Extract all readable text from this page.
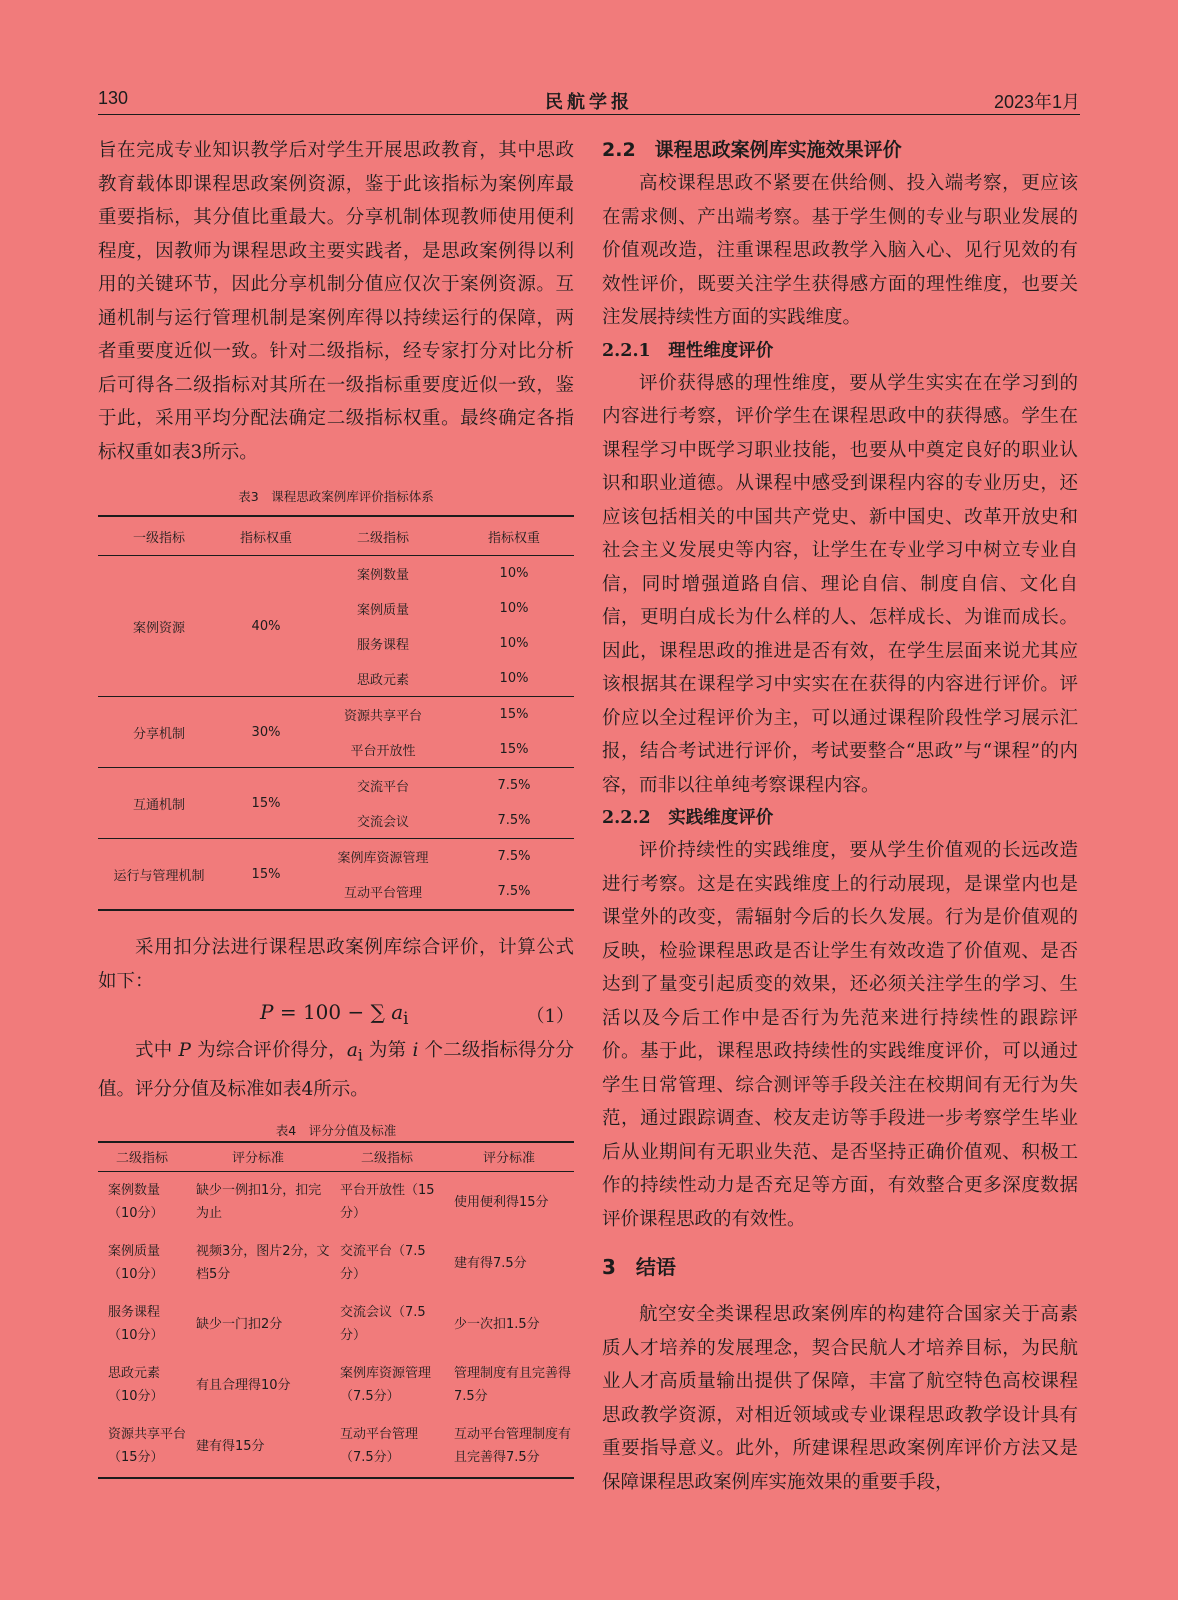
130	民航学报	2023年1月

旨在完成专业知识教学后对学生开展思政教育，其中思政教育载体即课程思政案例资源，鉴于此该指标为案例库最重要指标，其分值比重最大。分享机制体现教师使用便利程度，因教师为课程思政主要实践者，是思政案例得以利用的关键环节，因此分享机制分值应仅次于案例资源。互通机制与运行管理机制是案例库得以持续运行的保障，两者重要度近似一致。针对二级指标，经专家打分对比分析后可得各二级指标对其所在一级指标重要度近似一致，鉴于此，采用平均分配法确定二级指标权重。最终确定各指标权重如表3所示。

表3　课程思政案例库评价指标体系

一级指标	指标权重	二级指标	指标权重
案例资源	40%	案例数量	10%
		案例质量	10%
		服务课程	10%
		思政元素	10%
分享机制	30%	资源共享平台	15%
		平台开放性	15%
互通机制	15%	交流平台	7.5%
		交流会议	7.5%
运行与管理机制	15%	案例库资源管理	7.5%
		互动平台管理	7.5%

采用扣分法进行课程思政案例库综合评价，计算公式如下：

P = 100 − ∑ $a_i$	（1）

式中 P 为综合评价得分，$a_i$ 为第 i 个二级指标得分分值。评分分值及标准如表4所示。

表4　评分分值及标准

二级指标	评分标准	二级指标	评分标准
案例数量（10分）	缺少一例扣1分，扣完为止	平台开放性（15分）	使用便利得15分
案例质量（10分）	视频3分，图片2分，文档5分	交流平台（7.5分）	建有得7.5分
服务课程（10分）	缺少一门扣2分	交流会议（7.5分）	少一次扣1.5分
思政元素（10分）	有且合理得10分	案例库资源管理（7.5分）	管理制度有且完善得7.5分
资源共享平台（15分）	建有得15分	互动平台管理（7.5分）	互动平台管理制度有且完善得7.5分
2.2　课程思政案例库实施效果评价

高校课程思政不紧要在供给侧、投入端考察，更应该在需求侧、产出端考察。基于学生侧的专业与职业发展的价值观改造，注重课程思政教学入脑入心、见行见效的有效性评价，既要关注学生获得感方面的理性维度，也要关注发展持续性方面的实践维度。

2.2.1　理性维度评价

评价获得感的理性维度，要从学生实实在在学习到的内容进行考察，评价学生在课程思政中的获得感。学生在课程学习中既学习职业技能，也要从中奠定良好的职业认识和职业道德。从课程中感受到课程内容的专业历史，还应该包括相关的中国共产党史、新中国史、改革开放史和社会主义发展史等内容，让学生在专业学习中树立专业自信，同时增强道路自信、理论自信、制度自信、文化自信，更明白成长为什么样的人、怎样成长、为谁而成长。因此，课程思政的推进是否有效，在学生层面来说尤其应该根据其在课程学习中实实在在获得的内容进行评价。评价应以全过程评价为主，可以通过课程阶段性学习展示汇报，结合考试进行评价，考试要整合“思政”与“课程”的内容，而非以往单纯考察课程内容。

2.2.2　实践维度评价

评价持续性的实践维度，要从学生价值观的长远改造进行考察。这是在实践维度上的行动展现，是课堂内也是课堂外的改变，需辐射今后的长久发展。行为是价值观的反映，检验课程思政是否让学生有效改造了价值观、是否达到了量变引起质变的效果，还必须关注学生的学习、生活以及今后工作中是否行为先范来进行持续性的跟踪评价。基于此，课程思政持续性的实践维度评价，可以通过学生日常管理、综合测评等手段关注在校期间有无行为失范，通过跟踪调查、校友走访等手段进一步考察学生毕业后从业期间有无职业失范、是否坚持正确价值观、积极工作的持续性动力是否充足等方面，有效整合更多深度数据评价课程思政的有效性。

3　结语

航空安全类课程思政案例库的构建符合国家关于高素质人才培养的发展理念，契合民航人才培养目标，为民航业人才高质量输出提供了保障，丰富了航空特色高校课程思政教学资源，对相近领域或专业课程思政教学设计具有重要指导意义。此外，所建课程思政案例库评价方法又是保障课程思政案例库实施效果的重要手段，
